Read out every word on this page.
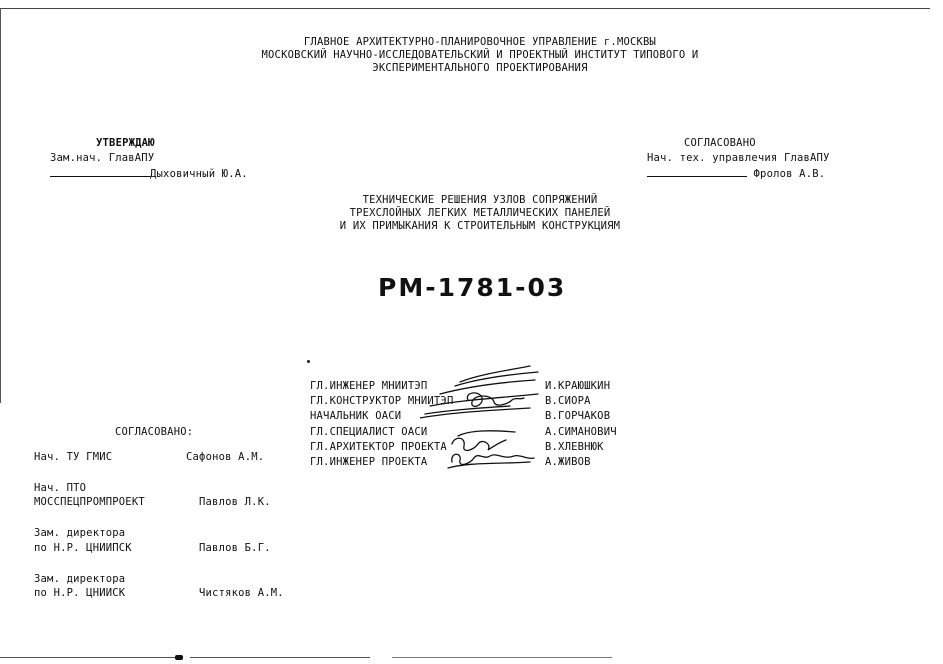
ГЛАВНОЕ АРХИТЕКТУРНО-ПЛАНИРОВОЧНОЕ УПРАВЛЕНИЕ г.МОСКВЫ
МОСКОВСКИЙ НАУЧНО-ИССЛЕДОВАТЕЛЬСКИЙ И ПРОЕКТНЫЙ ИНСТИТУТ ТИПОВОГО И
ЭКСПЕРИМЕНТАЛЬНОГО ПРОЕКТИРОВАНИЯ
УТВЕРЖДАЮ
Зам.нач. ГлавАПУ
Дыховичный Ю.А.
СОГЛАСОВАНО
Нач. тех. управлечия ГлавАПУ
Фролов А.В.
ТЕХНИЧЕСКИЕ РЕШЕНИЯ УЗЛОВ СОПРЯЖЕНИЙ
ТРЕХСЛОЙНЫХ ЛЕГКИХ МЕТАЛЛИЧЕСКИХ ПАНЕЛЕЙ
И ИХ ПРИМЫКАНИЯ К СТРОИТЕЛЬНЫМ КОНСТРУКЦИЯМ
РМ-1781-03
ГЛ.ИНЖЕНЕР МНИИТЭП	И.КРАЮШКИН
ГЛ.КОНСТРУКТОР МНИИТЭП	В.СИОРА
НАЧАЛЬНИК ОАСИ	В.ГОРЧАКОВ
ГЛ.СПЕЦИАЛИСТ ОАСИ	А.СИМАНОВИЧ
ГЛ.АРХИТЕКТОР ПРОЕКТА	В.ХЛЕВНЮК
ГЛ.ИНЖЕНЕР ПРОЕКТА	А.ЖИВОВ
СОГЛАСОВАНО:
Нач. ТУ ГМИС	Сафонов А.М.
Нач. ПТО
МОССПЕЦПРОМПРОЕКТ	Павлов Л.К.
Зам. директора
по Н.Р. ЦНИИПСК	Павлов Б.Г.
Зам. директора
по Н.Р. ЦНИИСК	Чистяков А.М.
